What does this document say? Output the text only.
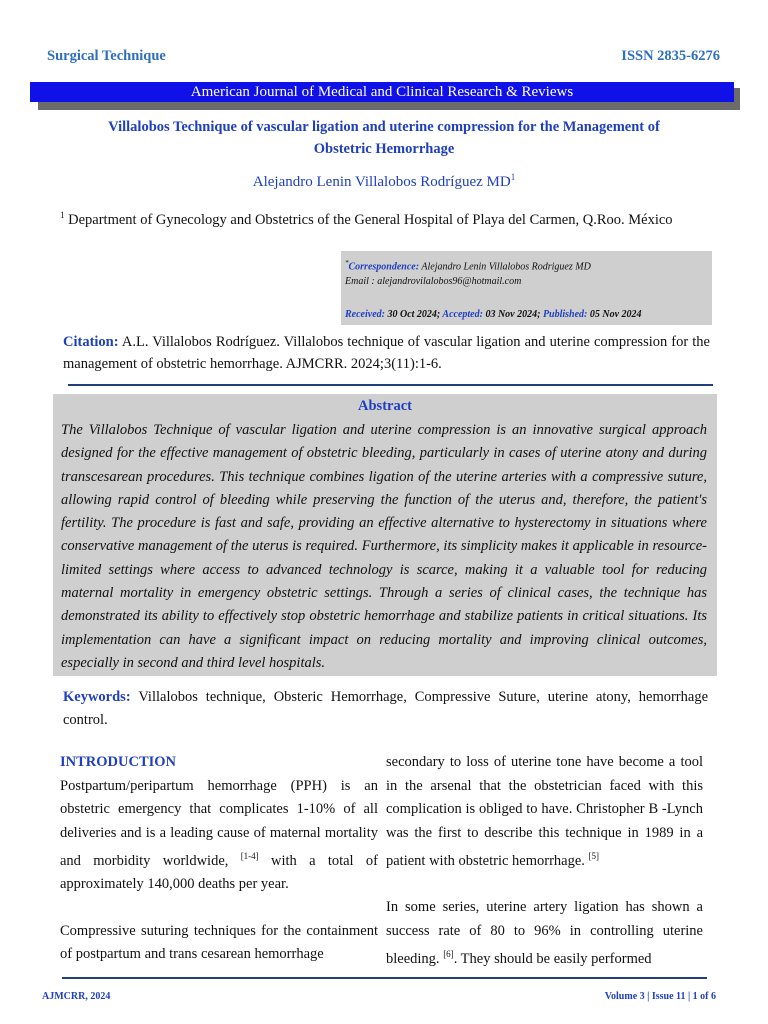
Surgical Technique	ISSN 2835-6276
American Journal of Medical and Clinical Research & Reviews
Villalobos Technique of vascular ligation and uterine compression for the Management of
Obstetric Hemorrhage
Alejandro Lenin Villalobos Rodríguez $MD^1$
$^1$ Department of Gynecology and Obstetrics of the General Hospital of Playa del Carmen, Q.Roo. México
*Correspondence: Alejandro Lenin Villalobos Rodriguez MD
Email : alejandrovilalobos96@hotmail.com
Received: 30 Oct 2024; Accepted: 03 Nov 2024; Published: 05 Nov 2024
Citation: A.L. Villalobos Rodríguez. Villalobos technique of vascular ligation and uterine compression for the management of obstetric hemorrhage. AJMCRR. 2024;3(11):1-6.
Abstract
The Villalobos Technique of vascular ligation and uterine compression is an innovative surgical approach designed for the effective management of obstetric bleeding, particularly in cases of uterine atony and during transcesarean procedures. This technique combines ligation of the uterine arteries with a compressive suture, allowing rapid control of bleeding while preserving the function of the uterus and, therefore, the patient's fertility. The procedure is fast and safe, providing an effective alternative to hysterectomy in situations where conservative management of the uterus is required. Furthermore, its simplicity makes it applicable in resource-limited settings where access to advanced technology is scarce, making it a valuable tool for reducing maternal mortality in emergency obstetric settings. Through a series of clinical cases, the technique has demonstrated its ability to effectively stop obstetric hemorrhage and stabilize patients in critical situations. Its implementation can have a significant impact on reducing mortality and improving clinical outcomes, especially in second and third level hospitals.
Keywords: Villalobos technique, Obsteric Hemorrhage, Compressive Suture, uterine atony, hemorrhage control.
INTRODUCTION

Postpartum/peripartum hemorrhage (PPH) is an obstetric emergency that complicates 1-10% of all deliveries and is a leading cause of maternal mortality and morbidity worldwide, [1-4] with a total of approximately 140,000 deaths per year.

Compressive suturing techniques for the containment of postpartum and trans cesarean hemorrhage

secondary to loss of uterine tone have become a tool in the arsenal that the obstetrician faced with this complication is obliged to have. Christopher B -Lynch was the first to describe this technique in 1989 in a patient with obstetric hemorrhage. [5]

In some series, uterine artery ligation has shown a success rate of 80 to 96% in controlling uterine bleeding. [6]. They should be easily performed

AJMCRR, 2024	Volume 3 | Issue 11 | 1 of 6
